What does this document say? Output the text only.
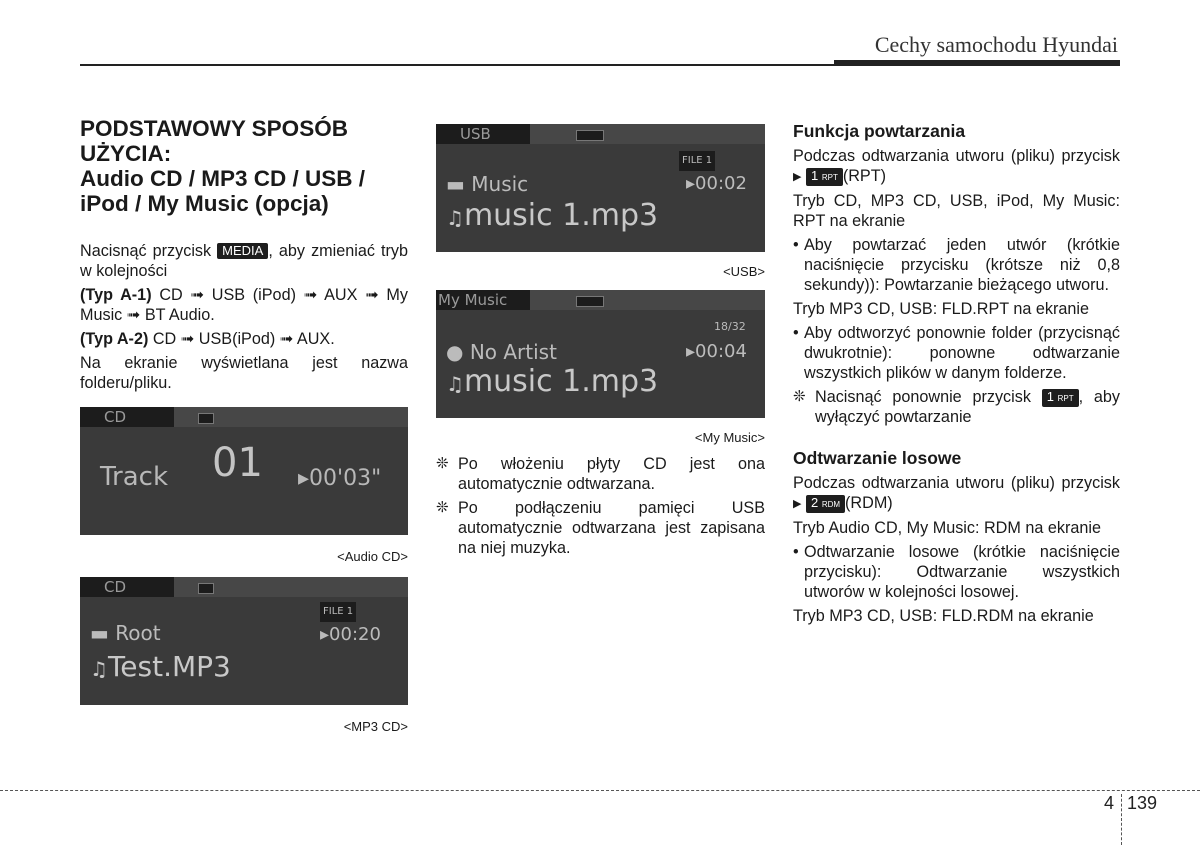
Cechy samochodu Hyundai
PODSTAWOWY SPOSÓB
UŻYCIA:
Audio CD / MP3 CD / USB /
iPod / My Music (opcja)

Nacisnąć przycisk MEDIA , aby zmieniać tryb w kolejności

(Typ A-1) CD ➟ USB (iPod) ➟ AUX ➟ My Music ➟ BT Audio.

(Typ A-2) CD ➟ USB(iPod) ➟ AUX.

Na ekranie wyświetlana jest nazwa folderu/pliku.

CD
Track 01 ▸00'03"
<Audio CD>
CD
FILE 1
▬ Root	▸00:20
♫Test.MP3
<MP3 CD>
USB
FILE 1
▬ Music	▸00:02
♫music 1.mp3
<USB>
My Music
18/32
● No Artist	▸00:04
♫music 1.mp3
<My Music>
❊ Po włożeniu płyty CD jest ona automatycznie odtwarzana.
❊ Po podłączeniu pamięci USB automatycznie odtwarzana jest zapisana na niej muzyka.
Funkcja powtarzania

Podczas odtwarzania utworu (pliku) przycisk ▶ 1 RPT (RPT)

Tryb CD, MP3 CD, USB, iPod, My Music: RPT na ekranie

• Aby powtarzać jeden utwór (krótkie naciśnięcie przycisku (krótsze niż 0,8 sekundy)): Powtarzanie bieżącego utworu.

Tryb MP3 CD, USB: FLD.RPT na ekranie

• Aby odtworzyć ponownie folder (przycisnąć dwukrotnie): ponowne odtwarzanie wszystkich plików w danym folderze.
❊ Nacisnąć ponownie przycisk 1 RPT , aby wyłączyć powtarzanie
Odtwarzanie losowe

Podczas odtwarzania utworu (pliku) przycisk ▶ 2 RDM (RDM)

Tryb Audio CD, My Music: RDM na ekranie

• Odtwarzanie losowe (krótkie naciśnięcie przycisku): Odtwarzanie wszystkich utworów w kolejności losowej.

Tryb MP3 CD, USB: FLD.RDM na ekranie

4 139
